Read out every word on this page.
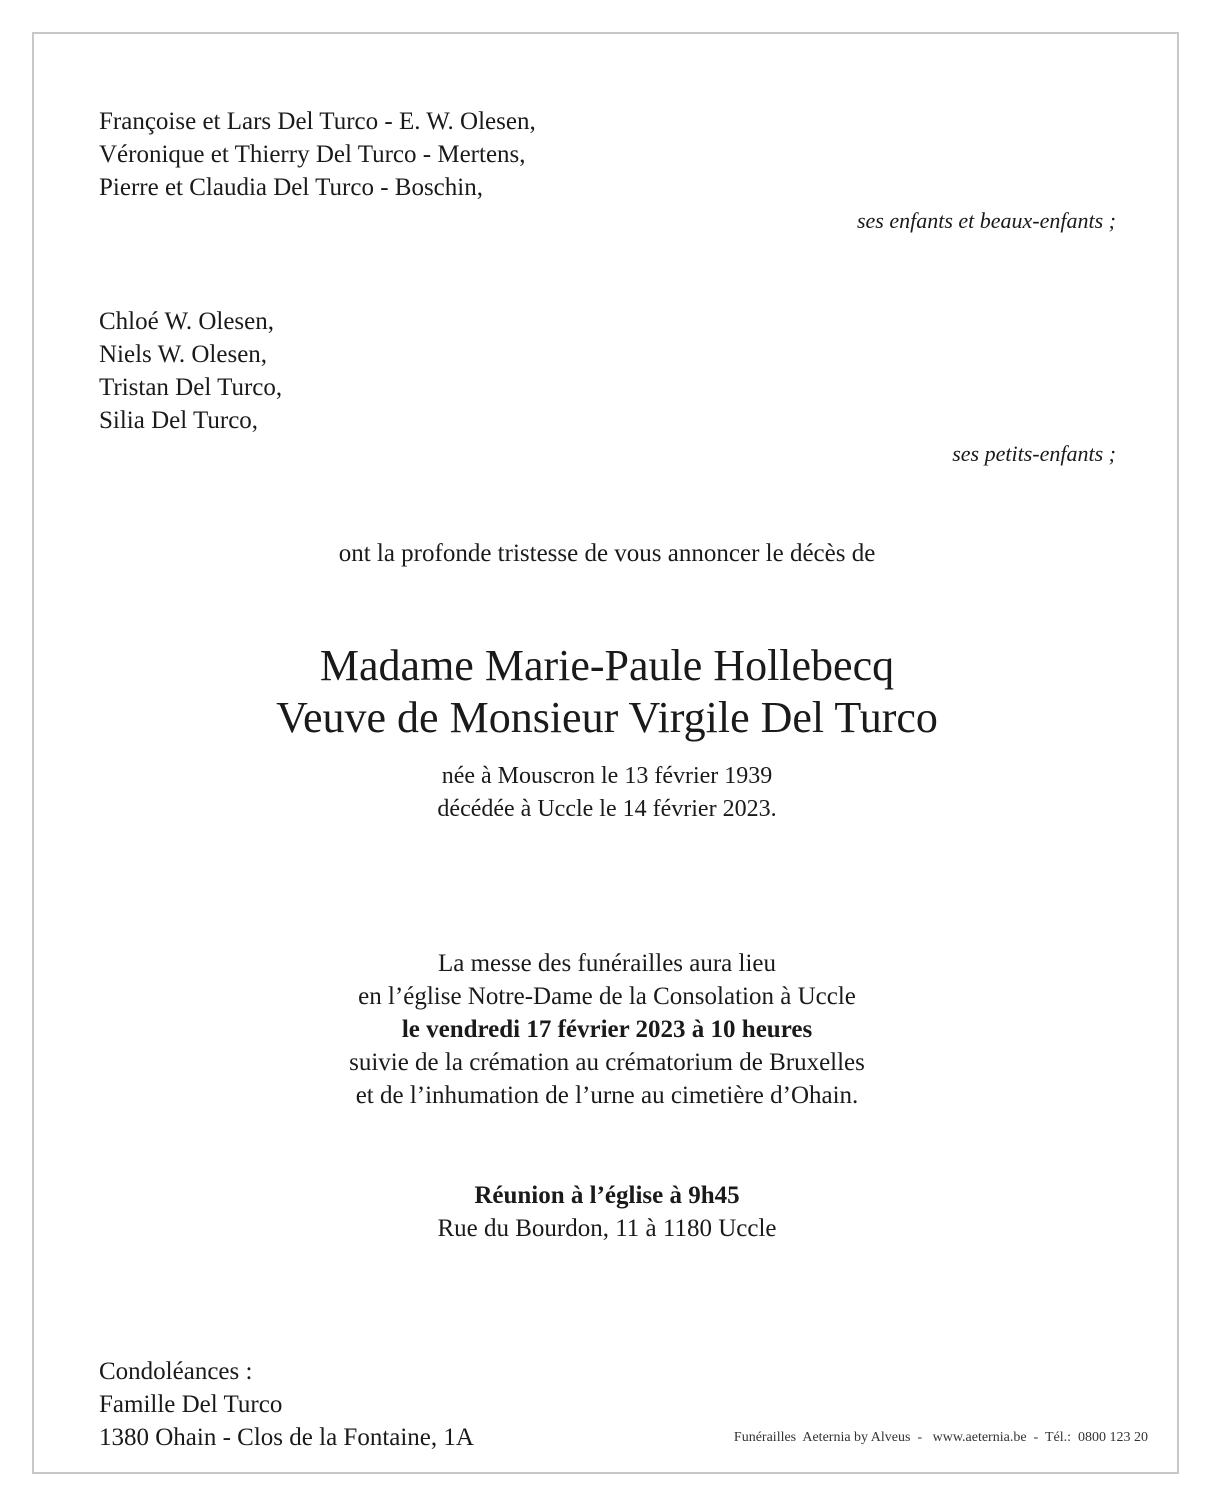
Françoise et Lars Del Turco - E. W. Olesen,
Véronique et Thierry Del Turco - Mertens,
Pierre et Claudia Del Turco - Boschin,
ses enfants et beaux-enfants ;
Chloé W. Olesen,
Niels W. Olesen,
Tristan Del Turco,
Silia Del Turco,
ses petits-enfants ;
ont la profonde tristesse de vous annoncer le décès de
Madame Marie-Paule Hollebecq
Veuve de Monsieur Virgile Del Turco
née à Mouscron le 13 février 1939
décédée à Uccle le 14 février 2023.
La messe des funérailles aura lieu
en l’église Notre-Dame de la Consolation à Uccle
le vendredi 17 février 2023 à 10 heures
suivie de la crémation au crématorium de Bruxelles
et de l’inhumation de l’urne au cimetière d’Ohain.
Réunion à l’église à 9h45
Rue du Bourdon, 11 à 1180 Uccle
Condoléances :
Famille Del Turco
1380 Ohain - Clos de la Fontaine, 1A	Funérailles  Aeternia by Alveus  -   www.aeternia.be  -  Tél.:  0800 123 20
